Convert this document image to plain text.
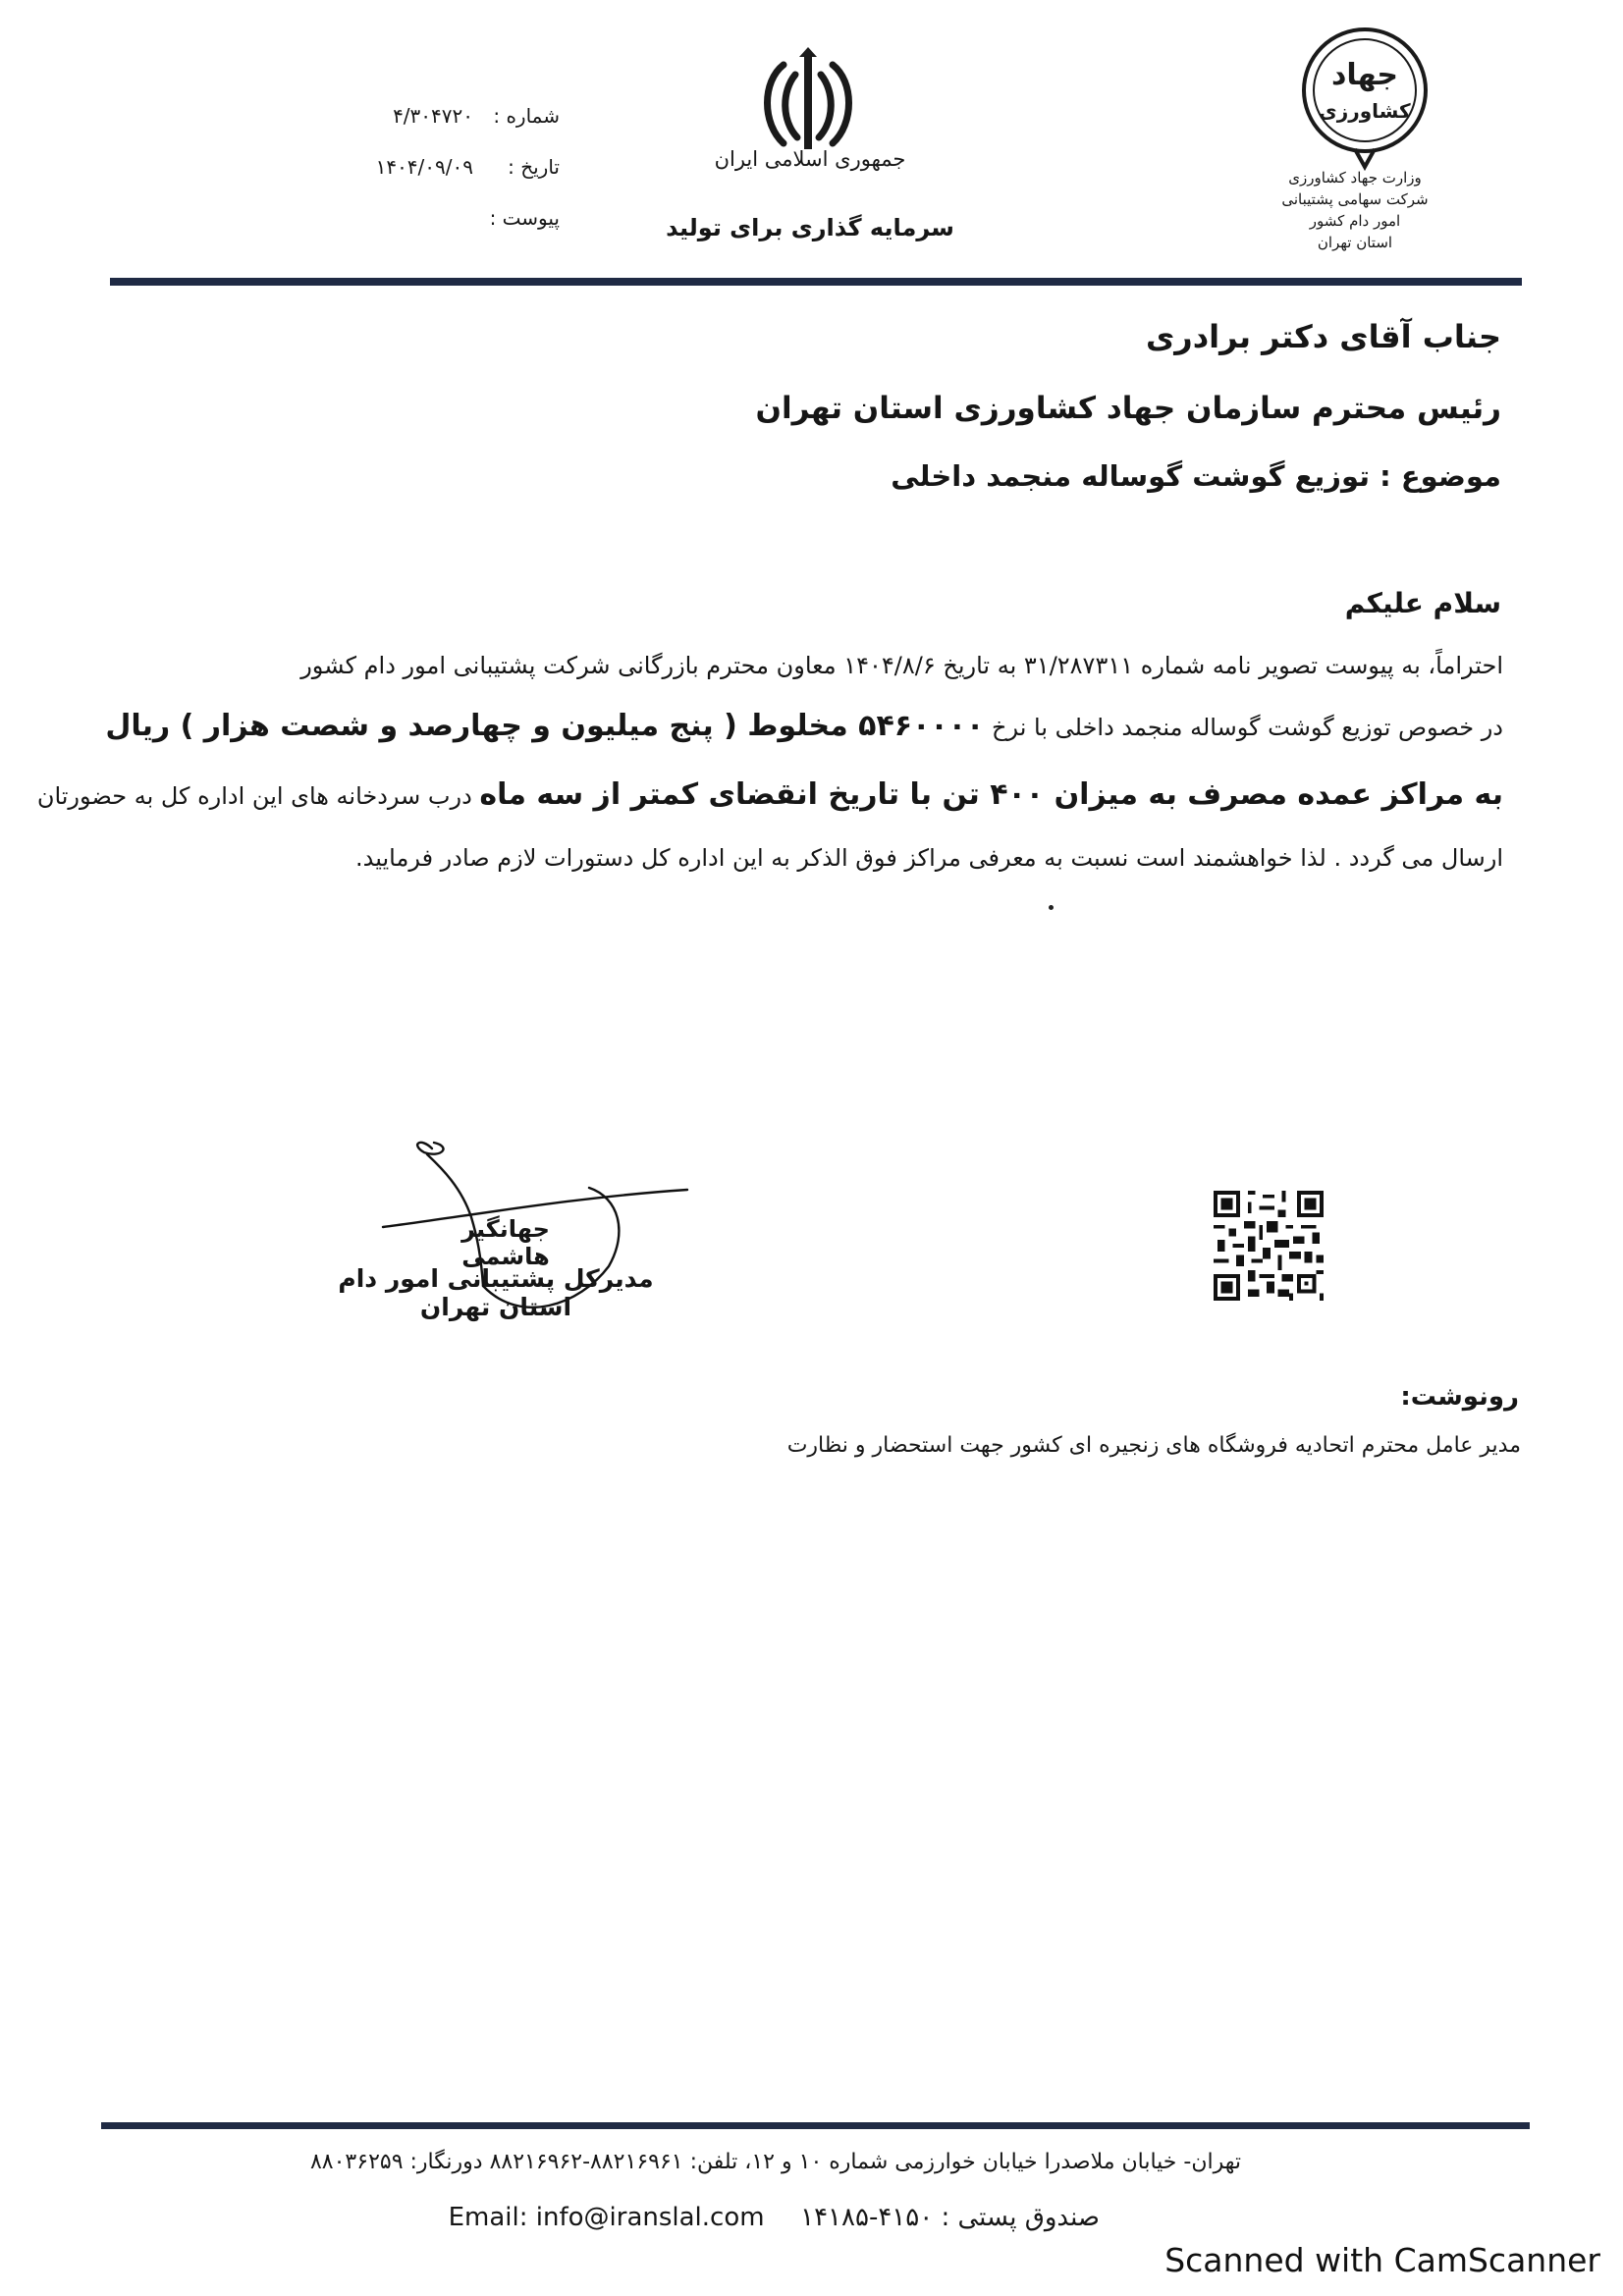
شماره :
۴/۳۰۴۷۲۰
تاریخ :
۱۴۰۴/۰۹/۰۹
پیوست :
جمهوری اسلامی ایران
سرمایه گذاری برای تولید
جهاد
کشاورزی
وزارت جهاد کشاورزی
شرکت سهامی پشتیبانی امور دام کشور
استان تهران
جناب آقای دکتر برادری
رئیس محترم سازمان جهاد کشاورزی استان تهران
موضوع : توزیع گوشت گوساله منجمد داخلی
سلام علیکم
احتراماً، به پیوست تصویر نامه شماره ۳۱/۲۸۷۳۱۱ به تاریخ ۱۴۰۴/۸/۶ معاون محترم بازرگانی شرکت پشتیبانی امور دام کشور
در خصوص توزیع گوشت گوساله منجمد داخلی با نرخ ۵۴۶۰۰۰۰ مخلوط ( پنج میلیون و چهارصد و شصت هزار ) ریال
به مراکز عمده مصرف به میزان ۴۰۰ تن با تاریخ انقضای کمتر از سه ماه درب سردخانه های این اداره کل به حضورتان
ارسال می گردد . لذا خواهشمند است نسبت به معرفی مراکز فوق الذکر به این اداره کل دستورات لازم صادر فرمایید.
جهانگیر هاشمی
مدیرکل پشتیبانی امور دام استان تهران
رونوشت:
مدیر عامل محترم اتحادیه فروشگاه های زنجیره ای کشور جهت استحضار و نظارت
تهران- خیابان ملاصدرا خیابان خوارزمی شماره ۱۰ و ۱۲، تلفن: ۸۸۲۱۶۹۶۱-۸۸۲۱۶۹۶۲ دورنگار: ۸۸۰۳۶۲۵۹
صندوق پستی : ۴۱۵۰-۱۴۱۸۵  Email: info@iranslal.com
Scanned with CamScanner
